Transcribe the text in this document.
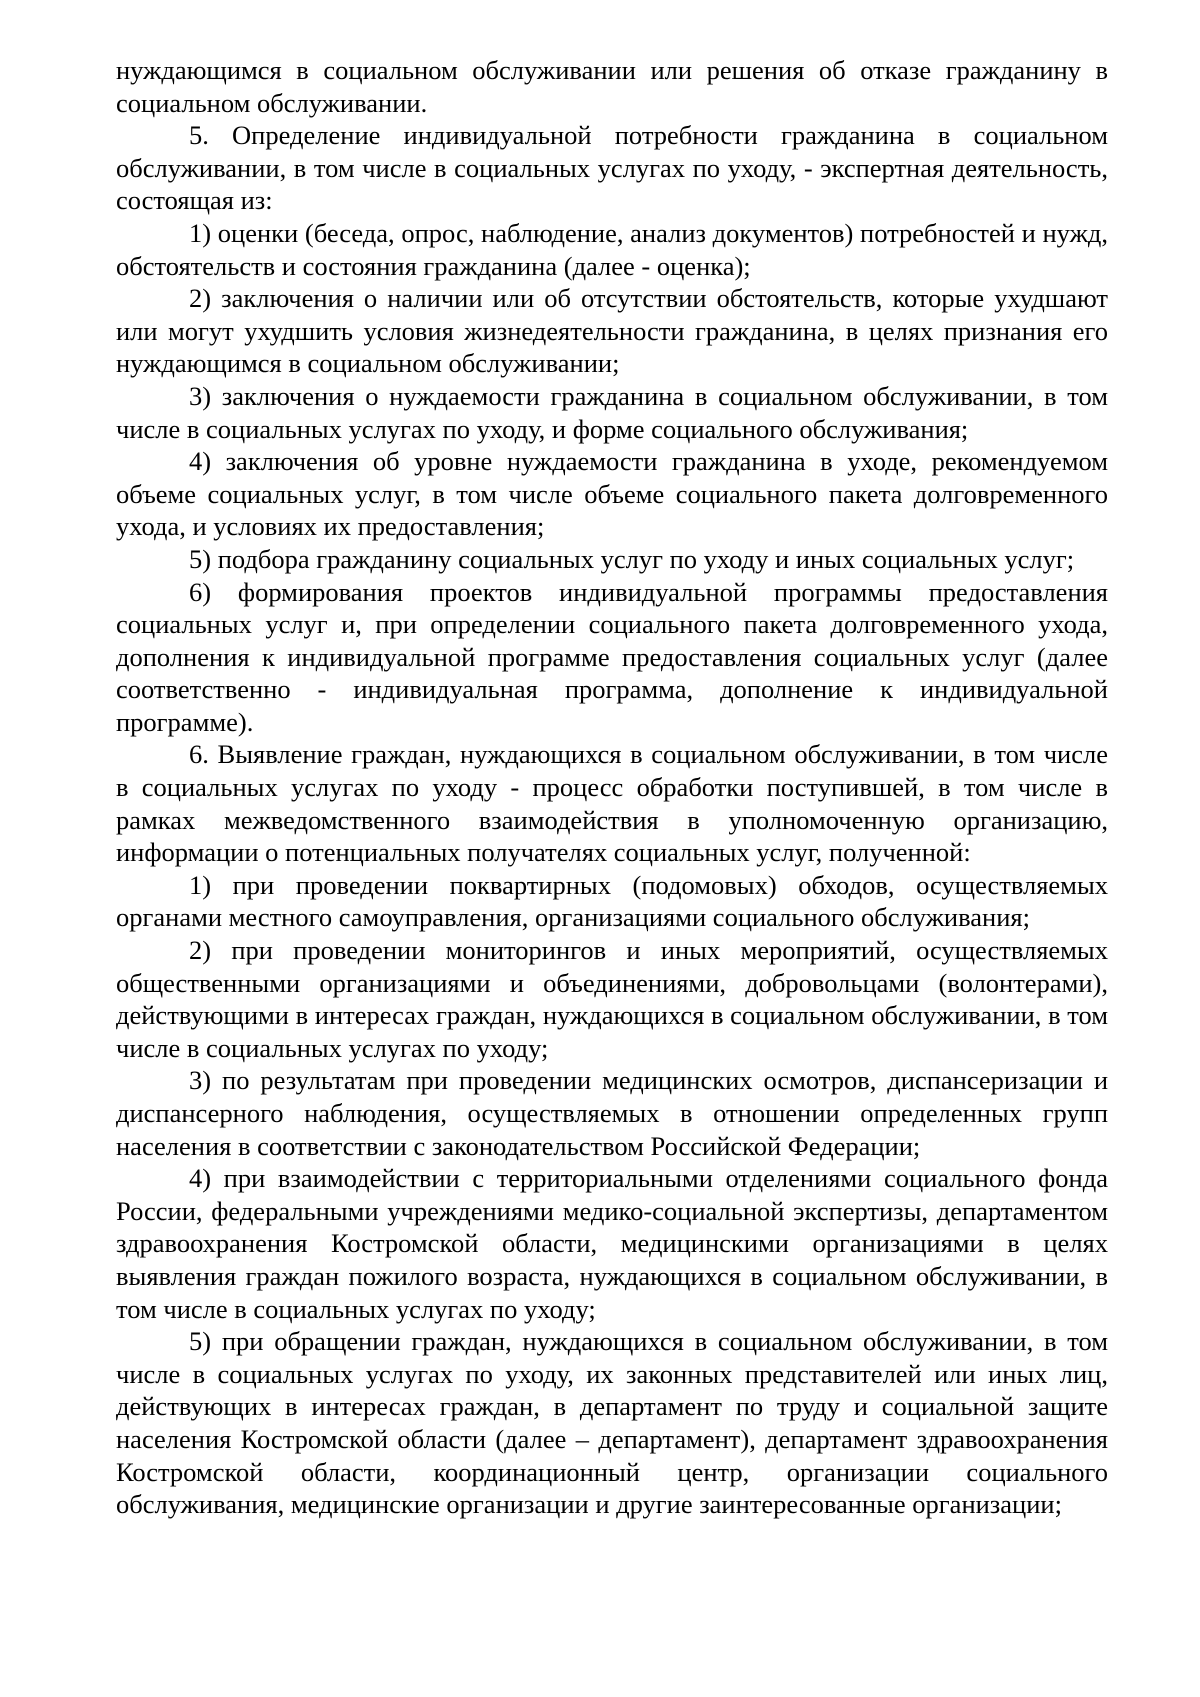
нуждающимся в социальном обслуживании или решения об отказе гражданину в социальном обслуживании.

5. Определение индивидуальной потребности гражданина в социальном обслуживании, в том числе в социальных услугах по уходу, - экспертная деятельность, состоящая из:

1) оценки (беседа, опрос, наблюдение, анализ документов) потребностей и нужд, обстоятельств и состояния гражданина (далее - оценка);

2) заключения о наличии или об отсутствии обстоятельств, которые ухудшают или могут ухудшить условия жизнедеятельности гражданина, в целях признания его нуждающимся в социальном обслуживании;

3) заключения о нуждаемости гражданина в социальном обслуживании, в том числе в социальных услугах по уходу, и форме социального обслуживания;

4) заключения об уровне нуждаемости гражданина в уходе, рекомендуемом объеме социальных услуг, в том числе объеме социального пакета долговременного ухода, и условиях их предоставления;

5) подбора гражданину социальных услуг по уходу и иных социальных услуг;

6) формирования проектов индивидуальной программы предоставления социальных услуг и, при определении социального пакета долговременного ухода, дополнения к индивидуальной программе предоставления социальных услуг (далее соответственно - индивидуальная программа, дополнение к индивидуальной программе).

6. Выявление граждан, нуждающихся в социальном обслуживании, в том числе в социальных услугах по уходу - процесс обработки поступившей, в том числе в рамках межведомственного взаимодействия в уполномоченную организацию, информации о потенциальных получателях социальных услуг, полученной:

1) при проведении поквартирных (подомовых) обходов, осуществляемых органами местного самоуправления, организациями социального обслуживания;

2) при проведении мониторингов и иных мероприятий, осуществляемых общественными организациями и объединениями, добровольцами (волонтерами), действующими в интересах граждан, нуждающихся в социальном обслуживании, в том числе в социальных услугах по уходу;

3) по результатам при проведении медицинских осмотров, диспансеризации и диспансерного наблюдения, осуществляемых в отношении определенных групп населения в соответствии с законодательством Российской Федерации;

4) при взаимодействии с территориальными отделениями социального фонда России, федеральными учреждениями медико-социальной экспертизы, департаментом здравоохранения Костромской области, медицинскими организациями в целях выявления граждан пожилого возраста, нуждающихся в социальном обслуживании, в том числе в социальных услугах по уходу;

5) при обращении граждан, нуждающихся в социальном обслуживании, в том числе в социальных услугах по уходу, их законных представителей или иных лиц, действующих в интересах граждан, в департамент по труду и социальной защите населения Костромской области (далее – департамент), департамент здравоохранения Костромской области, координационный центр, организации социального обслуживания, медицинские организации и другие заинтересованные организации;
